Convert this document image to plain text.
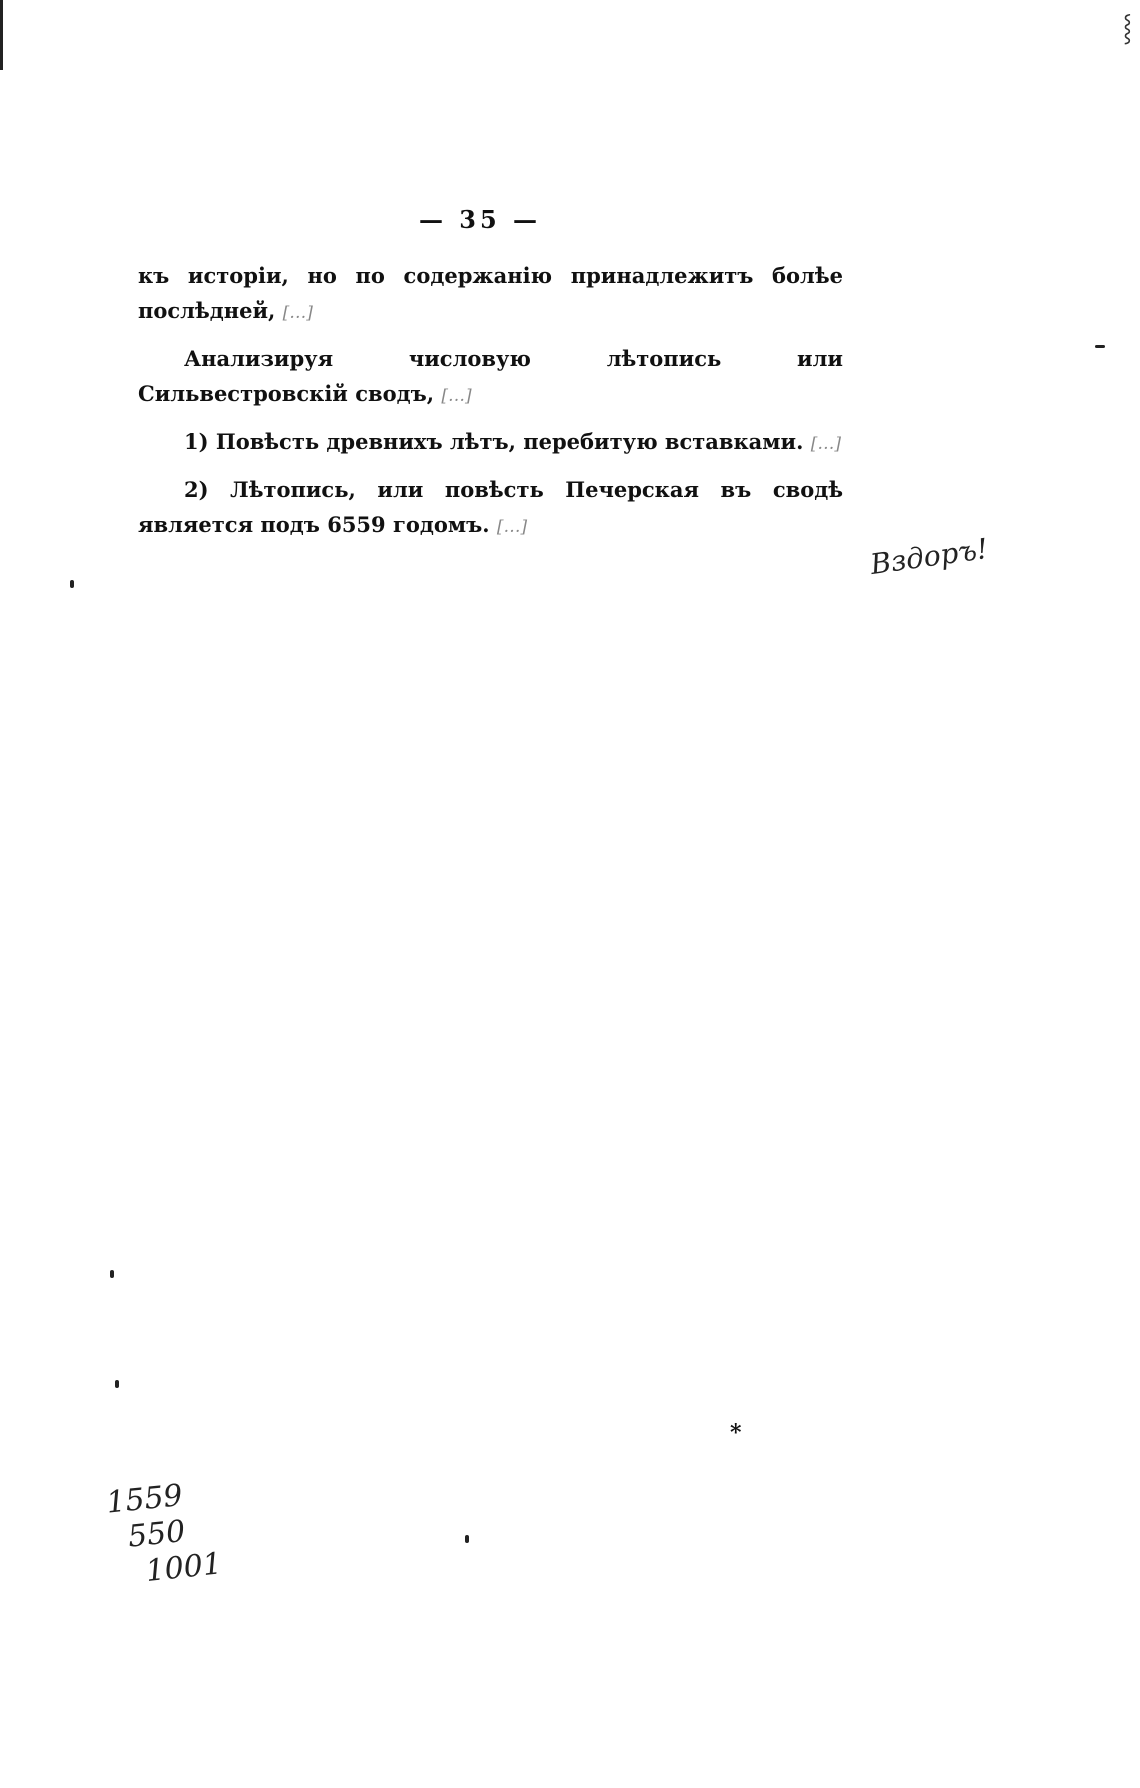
⸾
— 35 —

къ исторіи, но по содержанію принадлежитъ болѣе послѣдней, […]

Анализируя числовую лѣтопись или Сильвестровскій сводъ, […]

1) Повѣсть древнихъ лѣтъ, перебитую вставками. […]

2) Лѣтопись, или повѣсть Печерская въ сводѣ является подъ 6559 годомъ. […]

Вздоръ!
*
1559
550
1001
